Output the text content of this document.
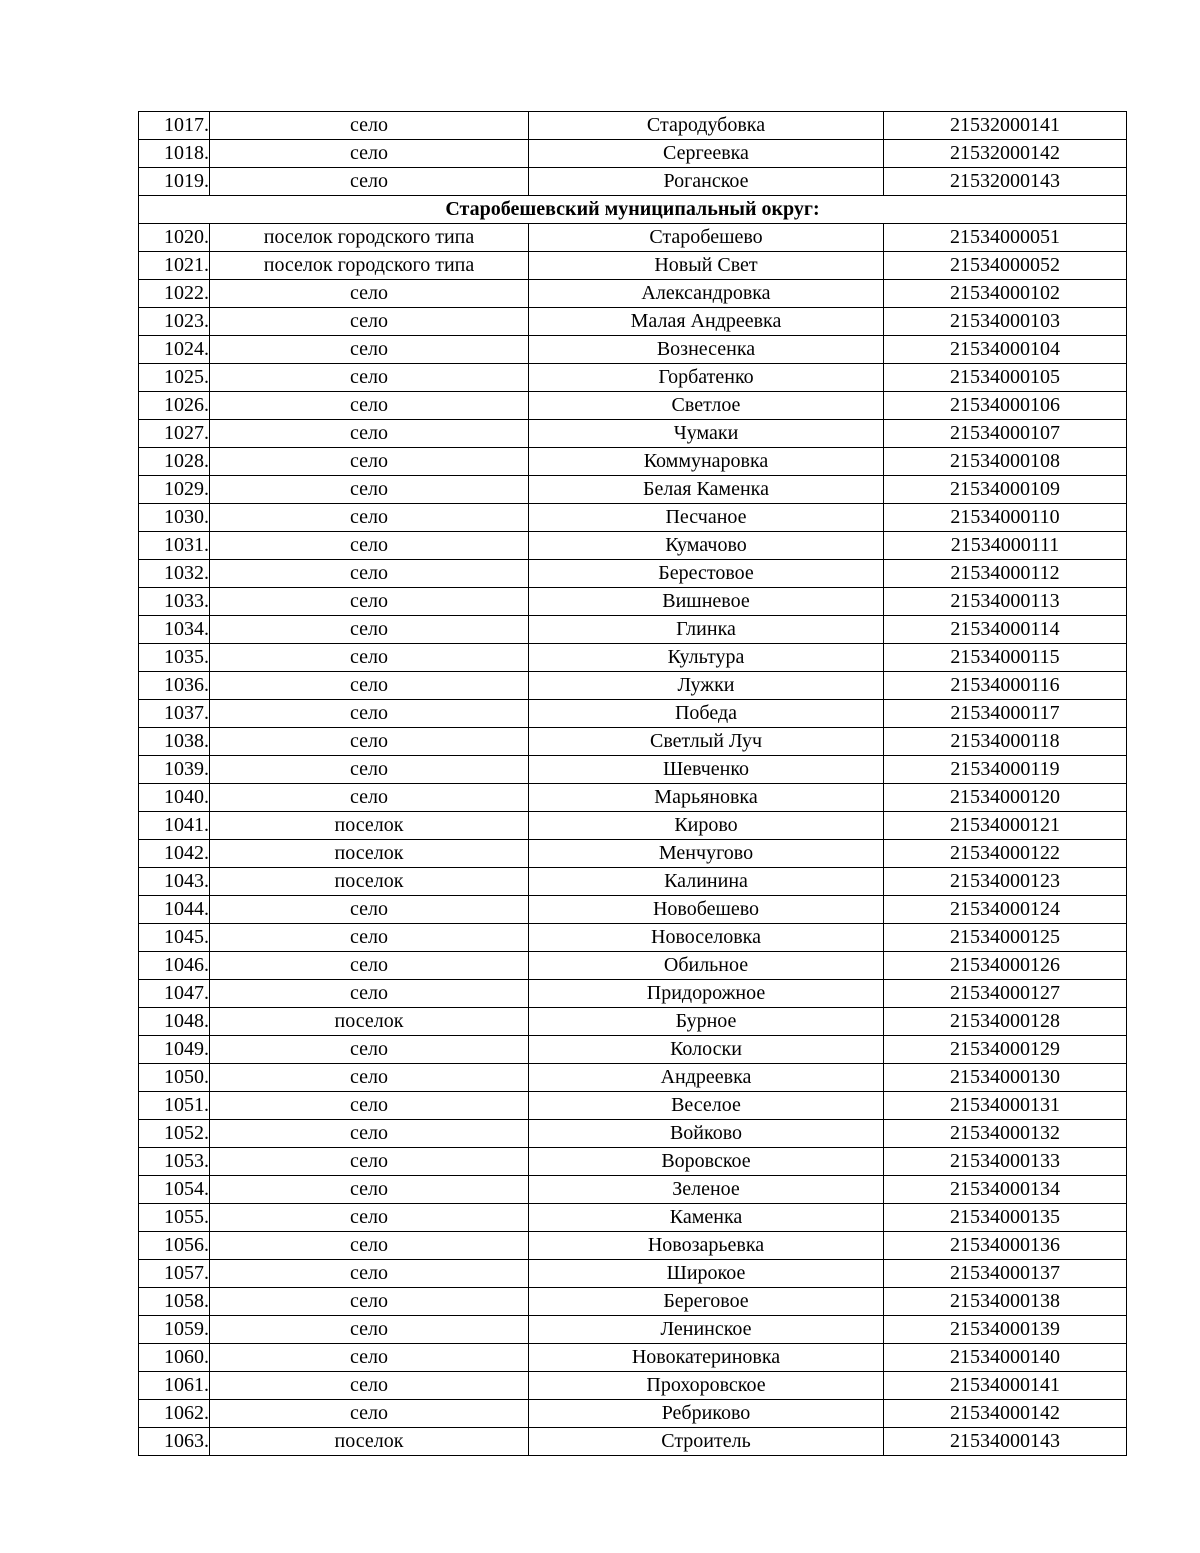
1017.	село	Стародубовка	21532000141
1018.	село	Сергеевка	21532000142
1019.	село	Роганское	21532000143
Старобешевский муниципальный округ:			
1020.	поселок городского типа	Старобешево	21534000051
1021.	поселок городского типа	Новый Свет	21534000052
1022.	село	Александровка	21534000102
1023.	село	Малая Андреевка	21534000103
1024.	село	Вознесенка	21534000104
1025.	село	Горбатенко	21534000105
1026.	село	Светлое	21534000106
1027.	село	Чумаки	21534000107
1028.	село	Коммунаровка	21534000108
1029.	село	Белая Каменка	21534000109
1030.	село	Песчаное	21534000110
1031.	село	Кумачово	21534000111
1032.	село	Берестовое	21534000112
1033.	село	Вишневое	21534000113
1034.	село	Глинка	21534000114
1035.	село	Культура	21534000115
1036.	село	Лужки	21534000116
1037.	село	Победа	21534000117
1038.	село	Светлый Луч	21534000118
1039.	село	Шевченко	21534000119
1040.	село	Марьяновка	21534000120
1041.	поселок	Кирово	21534000121
1042.	поселок	Менчугово	21534000122
1043.	поселок	Калинина	21534000123
1044.	село	Новобешево	21534000124
1045.	село	Новоселовка	21534000125
1046.	село	Обильное	21534000126
1047.	село	Придорожное	21534000127
1048.	поселок	Бурное	21534000128
1049.	село	Колоски	21534000129
1050.	село	Андреевка	21534000130
1051.	село	Веселое	21534000131
1052.	село	Войково	21534000132
1053.	село	Воровское	21534000133
1054.	село	Зеленое	21534000134
1055.	село	Каменка	21534000135
1056.	село	Новозарьевка	21534000136
1057.	село	Широкое	21534000137
1058.	село	Береговое	21534000138
1059.	село	Ленинское	21534000139
1060.	село	Новокатериновка	21534000140
1061.	село	Прохоровское	21534000141
1062.	село	Ребриково	21534000142
1063.	поселок	Строитель	21534000143
